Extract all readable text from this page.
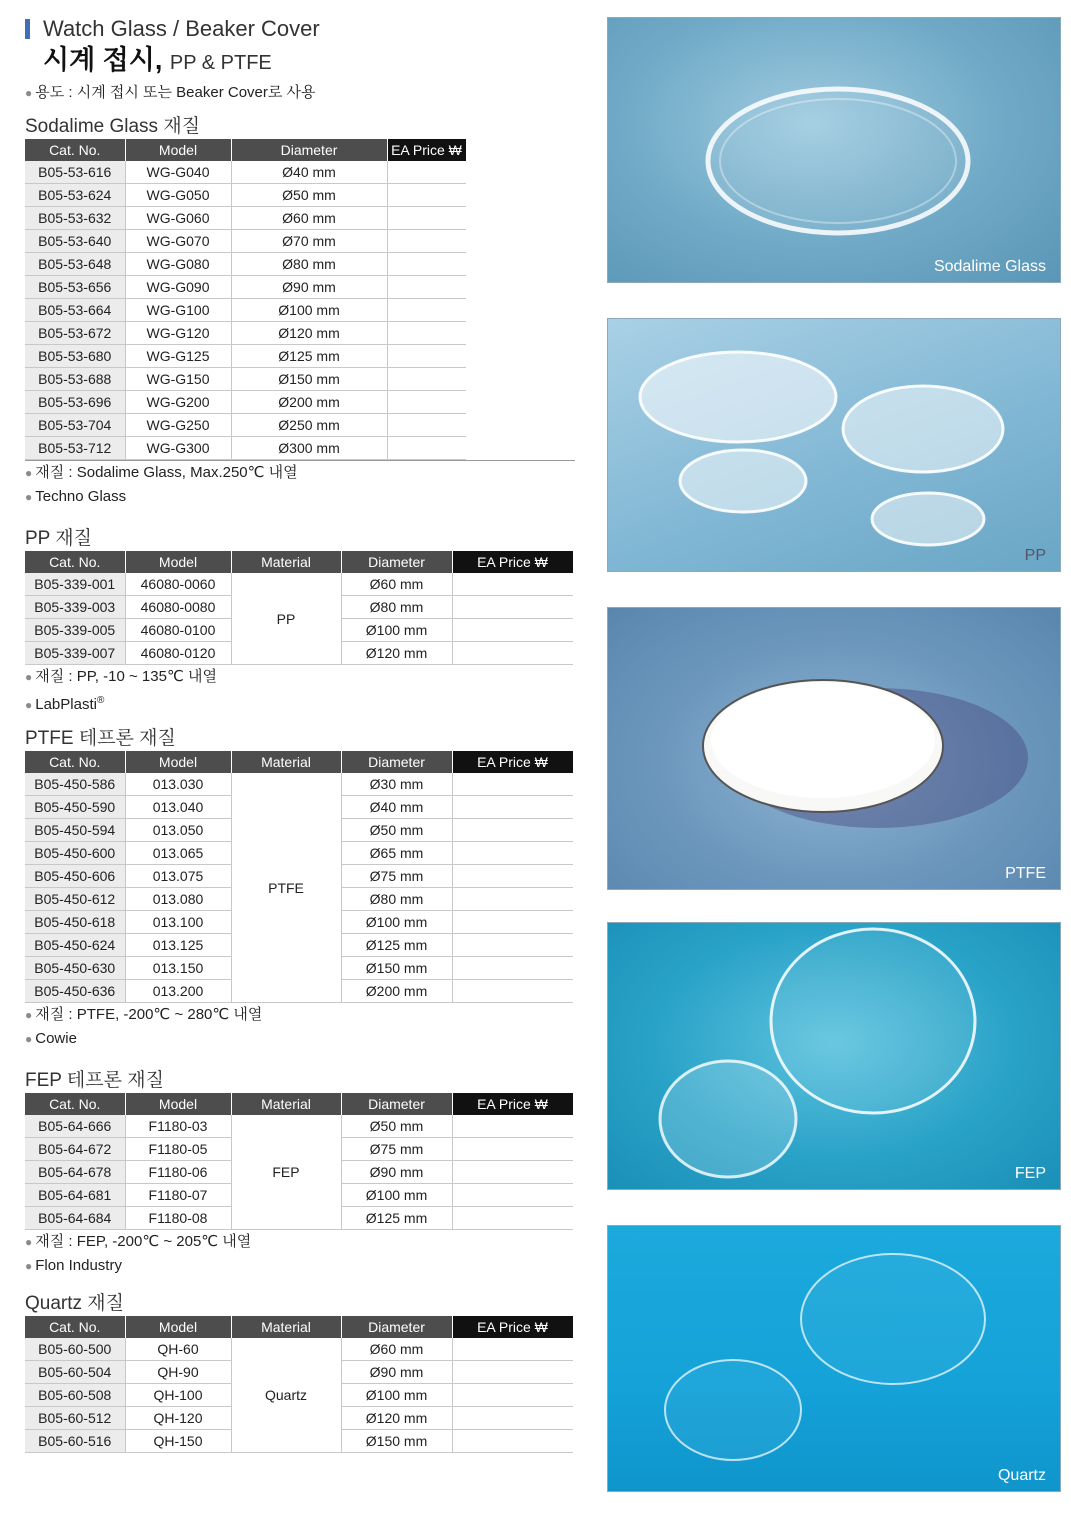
Watch Glass / Beaker Cover
시계 접시, PP & PTFE
● 용도 : 시계 접시 또는 Beaker Cover로 사용
Sodalime Glass 재질
Cat. No.	Model	Diameter	EA Price ₩
B05-53-616	WG-G040	Ø40 mm	
B05-53-624	WG-G050	Ø50 mm	
B05-53-632	WG-G060	Ø60 mm	
B05-53-640	WG-G070	Ø70 mm	
B05-53-648	WG-G080	Ø80 mm	
B05-53-656	WG-G090	Ø90 mm	
B05-53-664	WG-G100	Ø100 mm	
B05-53-672	WG-G120	Ø120 mm	
B05-53-680	WG-G125	Ø125 mm	
B05-53-688	WG-G150	Ø150 mm	
B05-53-696	WG-G200	Ø200 mm	
B05-53-704	WG-G250	Ø250 mm	
B05-53-712	WG-G300	Ø300 mm	
● 재질 : Sodalime Glass, Max.250℃ 내열
● Techno Glass
PP 재질
Cat. No.	Model	Material	Diameter	EA Price ₩
B05-339-001	46080-0060	PP	Ø60 mm	
B05-339-003	46080-0080		Ø80 mm	
B05-339-005	46080-0100		Ø100 mm	
B05-339-007	46080-0120		Ø120 mm	
● 재질 : PP, -10 ~ 135℃ 내열
● LabPlasti®
PTFE 테프론 재질
Cat. No.	Model	Material	Diameter	EA Price ₩
B05-450-586	013.030	PTFE	Ø30 mm	
B05-450-590	013.040		Ø40 mm	
B05-450-594	013.050		Ø50 mm	
B05-450-600	013.065		Ø65 mm	
B05-450-606	013.075		Ø75 mm	
B05-450-612	013.080		Ø80 mm	
B05-450-618	013.100		Ø100 mm	
B05-450-624	013.125		Ø125 mm	
B05-450-630	013.150		Ø150 mm	
B05-450-636	013.200		Ø200 mm	
● 재질 : PTFE, -200℃ ~ 280℃ 내열
● Cowie
FEP 테프론 재질
Cat. No.	Model	Material	Diameter	EA Price ₩
B05-64-666	F1180-03	FEP	Ø50 mm	
B05-64-672	F1180-05		Ø75 mm	
B05-64-678	F1180-06		Ø90 mm	
B05-64-681	F1180-07		Ø100 mm	
B05-64-684	F1180-08		Ø125 mm	
● 재질 : FEP, -200℃ ~ 205℃ 내열
● Flon Industry
Quartz 재질
Cat. No.	Model	Material	Diameter	EA Price ₩
B05-60-500	QH-60	Quartz	Ø60 mm	
B05-60-504	QH-90		Ø90 mm	
B05-60-508	QH-100		Ø100 mm	
B05-60-512	QH-120		Ø120 mm	
B05-60-516	QH-150		Ø150 mm	
Sodalime Glass
PP
PTFE
FEP
Quartz
